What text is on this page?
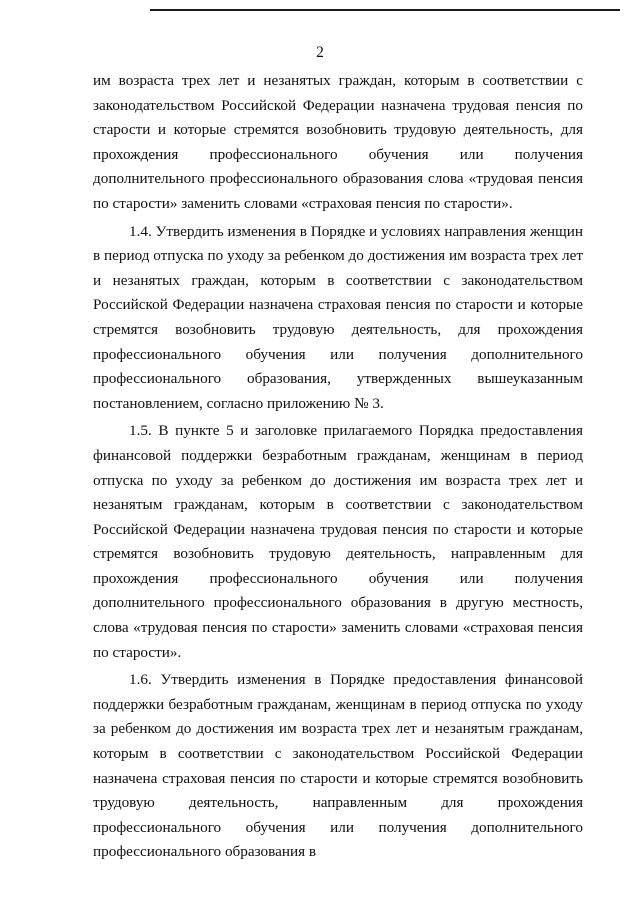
2

им возраста трех лет и незанятых граждан, которым в соответствии с законодательством Российской Федерации назначена трудовая пенсия по старости и которые стремятся возобновить трудовую деятельность, для прохождения профессионального обучения или получения дополнительного профессионального образования слова «трудовая пенсия по старости» заменить словами «страховая пенсия по старости».

1.4. Утвердить изменения в Порядке и условиях направления женщин в период отпуска по уходу за ребенком до достижения им возраста трех лет и незанятых граждан, которым в соответствии с законодательством Российской Федерации назначена страховая пенсия по старости и которые стремятся возобновить трудовую деятельность, для прохождения профессионального обучения или получения дополнительного профессионального образования, утвержденных вышеуказанным постановлением, согласно приложению № 3.

1.5. В пункте 5 и заголовке прилагаемого Порядка предоставления финансовой поддержки безработным гражданам, женщинам в период отпуска по уходу за ребенком до достижения им возраста трех лет и незанятым гражданам, которым в соответствии с законодательством Российской Федерации назначена трудовая пенсия по старости и которые стремятся возобновить трудовую деятельность, направленным для прохождения профессионального обучения или получения дополнительного профессионального образования в другую местность, слова «трудовая пенсия по старости» заменить словами «страховая пенсия по старости».

1.6. Утвердить изменения в Порядке предоставления финансовой поддержки безработным гражданам, женщинам в период отпуска по уходу за ребенком до достижения им возраста трех лет и незанятым гражданам, которым в соответствии с законодательством Российской Федерации назначена страховая пенсия по старости и которые стремятся возобновить трудовую деятельность, направленным для прохождения профессионального обучения или получения дополнительного профессионального образования в
